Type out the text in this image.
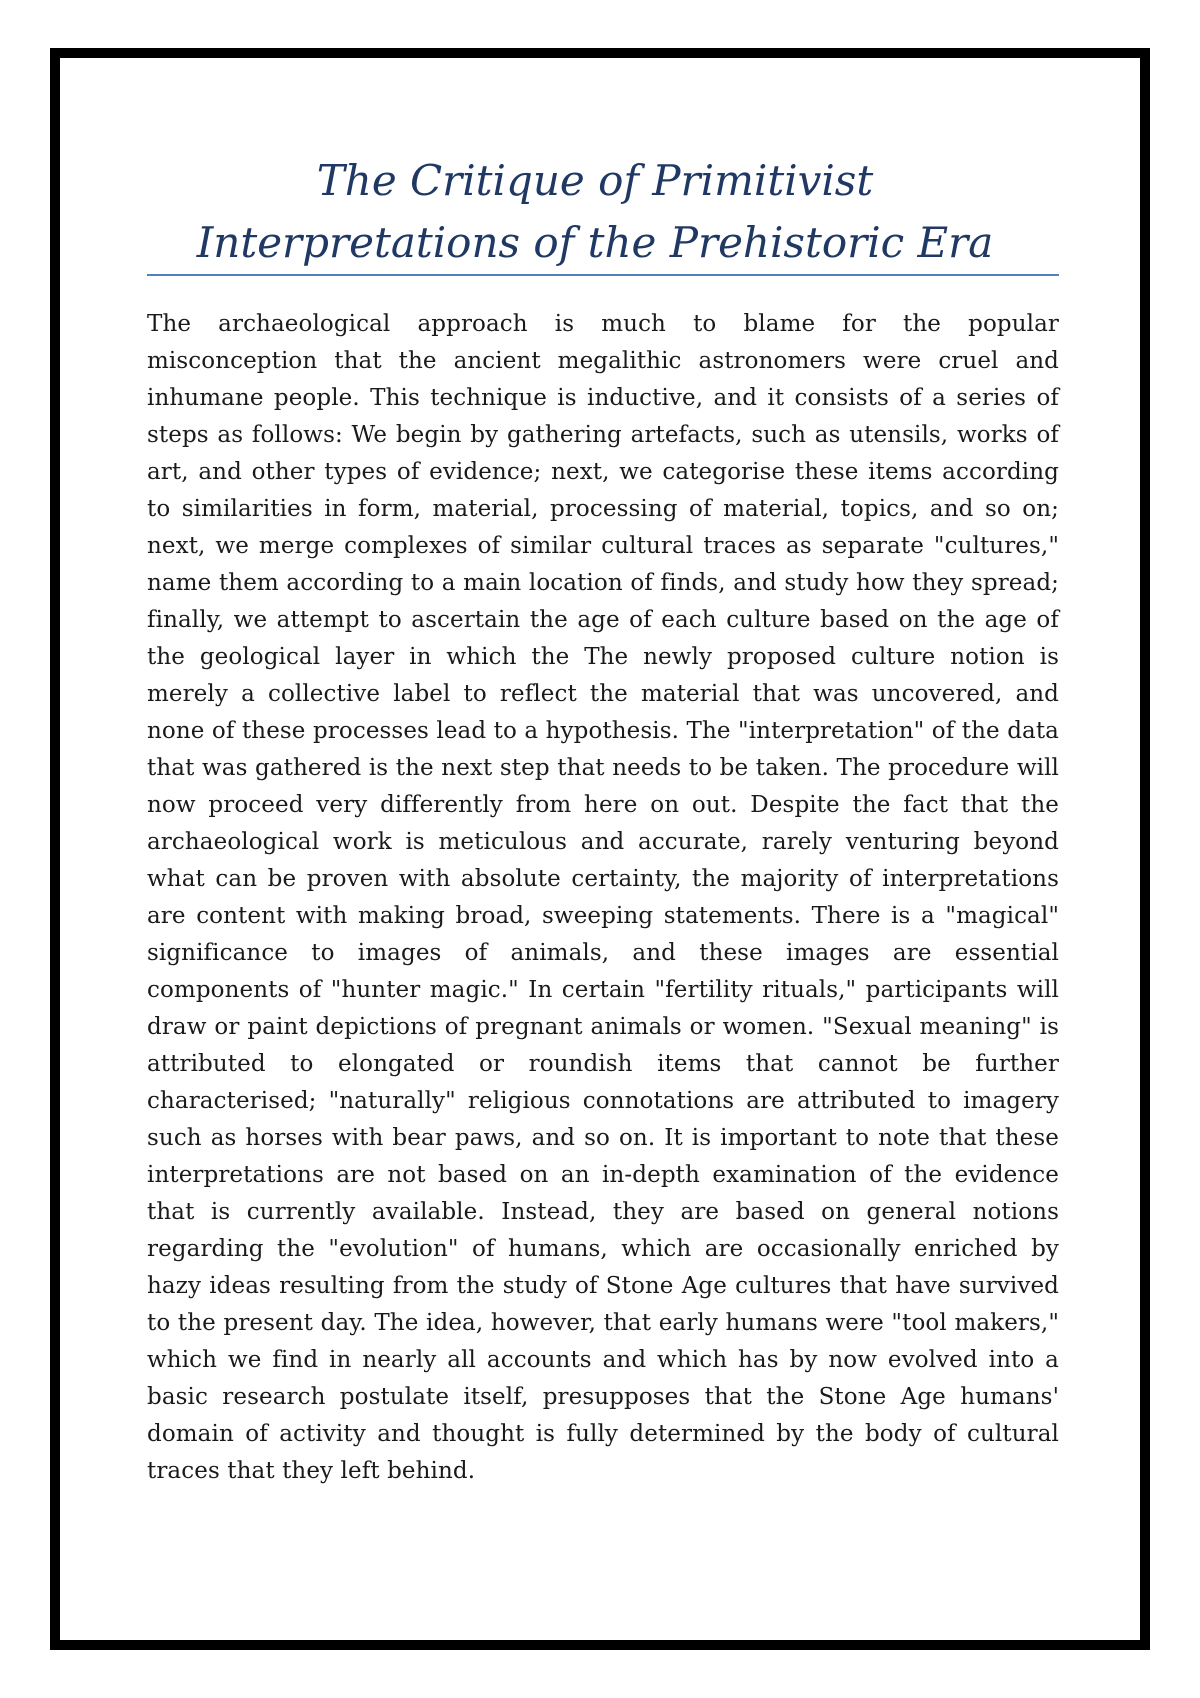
The Critique of Primitivist
Interpretations of the Prehistoric Era

The archaeological approach is much to blame for the popular misconception that the ancient megalithic astronomers were cruel and inhumane people. This technique is inductive, and it consists of a series of steps as follows: We begin by gathering artefacts, such as utensils, works of art, and other types of evidence; next, we categorise these items according to similarities in form, material, processing of material, topics, and so on; next, we merge complexes of similar cultural traces as separate "cultures," name them according to a main location of finds, and study how they spread; finally, we attempt to ascertain the age of each culture based on the age of the geological layer in which the The newly proposed culture notion is merely a collective label to reflect the material that was uncovered, and none of these processes lead to a hypothesis. The "interpretation" of the data that was gathered is the next step that needs to be taken. The procedure will now proceed very differently from here on out. Despite the fact that the archaeological work is meticulous and accurate, rarely venturing beyond what can be proven with absolute certainty, the majority of interpretations are content with making broad, sweeping statements. There is a "magical" significance to images of animals, and these images are essential components of "hunter magic." In certain "fertility rituals," participants will draw or paint depictions of pregnant animals or women. "Sexual meaning" is attributed to elongated or roundish items that cannot be further characterised; "naturally" religious connotations are attributed to imagery such as horses with bear paws, and so on. It is important to note that these interpretations are not based on an in-depth examination of the evidence that is currently available. Instead, they are based on general notions regarding the "evolution" of humans, which are occasionally enriched by hazy ideas resulting from the study of Stone Age cultures that have survived to the present day. The idea, however, that early humans were "tool makers," which we find in nearly all accounts and which has by now evolved into a basic research postulate itself, presupposes that the Stone Age humans' domain of activity and thought is fully determined by the body of cultural traces that they left behind.
